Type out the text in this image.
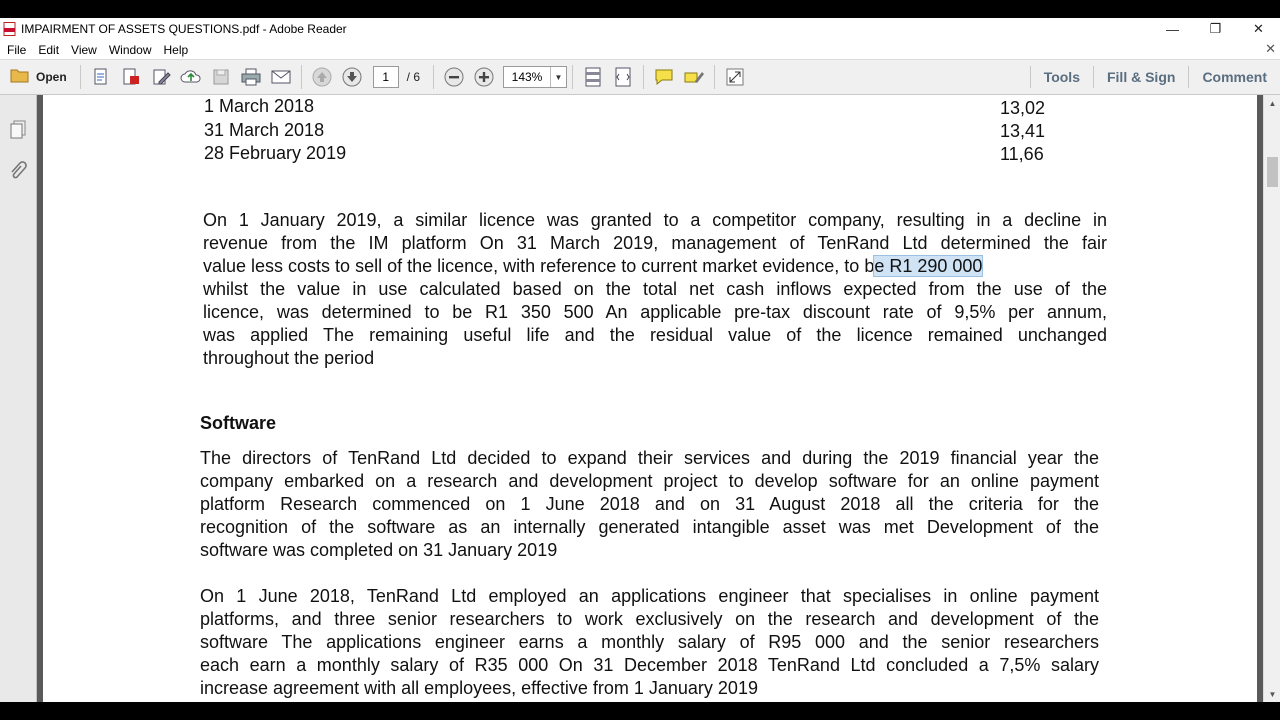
IMPAIRMENT OF ASSETS QUESTIONS.pdf - Adobe Reader	—	❐	✕
File	Edit	View	Window	Help	✕
Open	1	/ 6	143%	▼	Tools	Fill & Sign	Comment
1 March 2018	13,02
31 March 2018	13,41
28 February 2019	11,66
On 1 January 2019, a similar licence was granted to a competitor company, resulting in a decline in
revenue from the IM platform On 31 March 2019, management of TenRand Ltd determined the fair
value less costs to sell of the licence, with reference to current market evidence, to be R1 290 000
whilst the value in use calculated based on the total net cash inflows expected from the use of the
licence, was determined to be R1 350 500 An applicable pre-tax discount rate of 9,5% per annum,
was applied The remaining useful life and the residual value of the licence remained unchanged
throughout the period
Software
The directors of TenRand Ltd decided to expand their services and during the 2019 financial year the
company embarked on a research and development project to develop software for an online payment
platform Research commenced on 1 June 2018 and on 31 August 2018 all the criteria for the
recognition of the software as an internally generated intangible asset was met Development of the
software was completed on 31 January 2019
On 1 June 2018, TenRand Ltd employed an applications engineer that specialises in online payment
platforms, and three senior researchers to work exclusively on the research and development of the
software The applications engineer earns a monthly salary of R95 000 and the senior researchers
each earn a monthly salary of R35 000 On 31 December 2018 TenRand Ltd concluded a 7,5% salary
increase agreement with all employees, effective from 1 January 2019
▲
▼
